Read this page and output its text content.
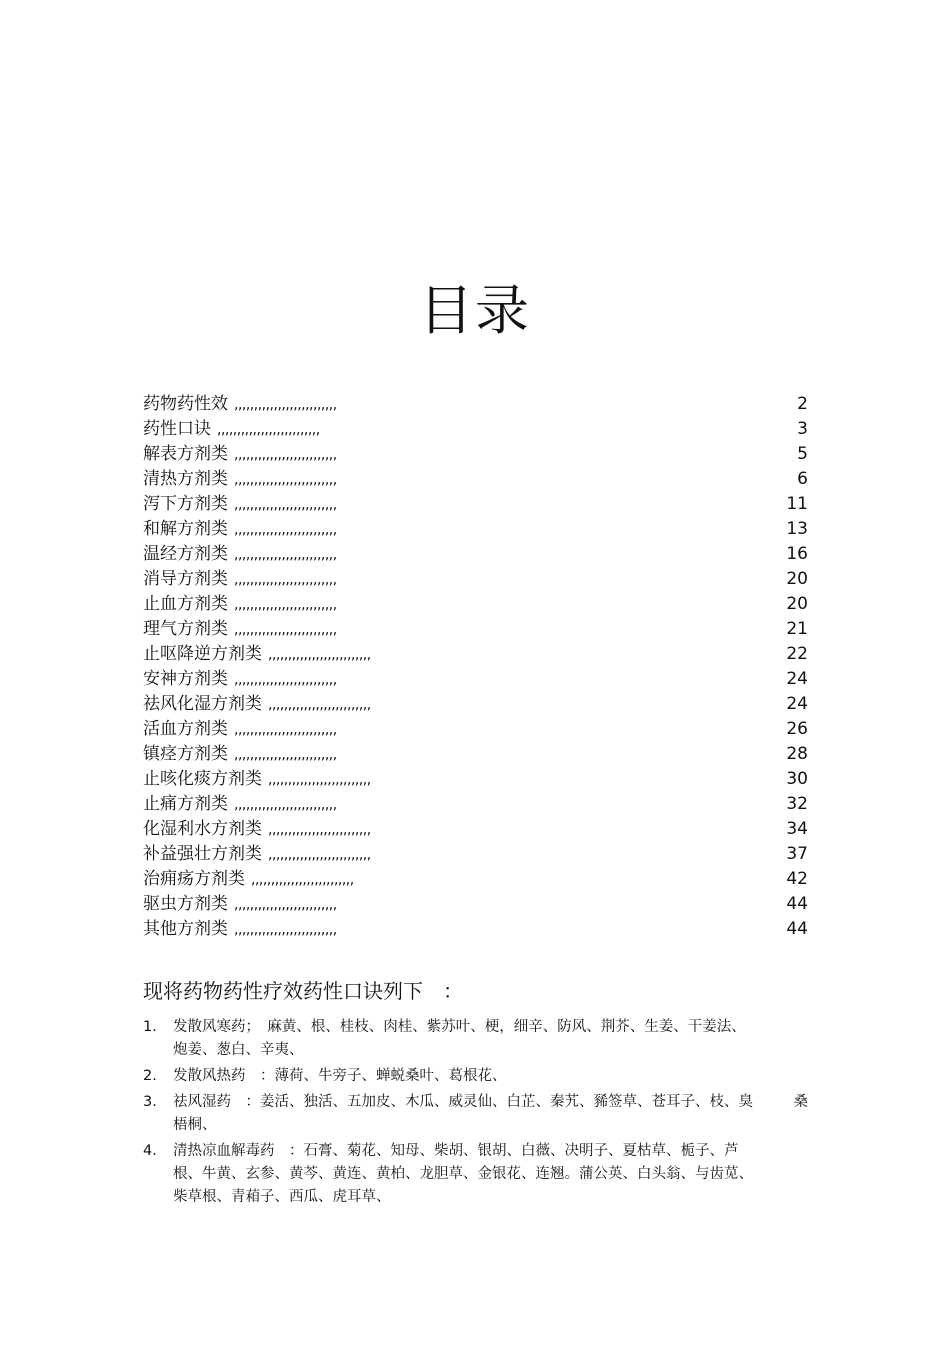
目录
药物药性效 ,,,,,,,,,,,,,,,,,,,,,,,,,,	2
药性口诀 ,,,,,,,,,,,,,,,,,,,,,,,,,,	3
解表方剂类 ,,,,,,,,,,,,,,,,,,,,,,,,,,	5
清热方剂类 ,,,,,,,,,,,,,,,,,,,,,,,,,,	6
泻下方剂类 ,,,,,,,,,,,,,,,,,,,,,,,,,,	11
和解方剂类 ,,,,,,,,,,,,,,,,,,,,,,,,,,	13
温经方剂类 ,,,,,,,,,,,,,,,,,,,,,,,,,,	16
消导方剂类 ,,,,,,,,,,,,,,,,,,,,,,,,,,	20
止血方剂类 ,,,,,,,,,,,,,,,,,,,,,,,,,,	20
理气方剂类 ,,,,,,,,,,,,,,,,,,,,,,,,,,	21
止呕降逆方剂类 ,,,,,,,,,,,,,,,,,,,,,,,,,,	22
安神方剂类 ,,,,,,,,,,,,,,,,,,,,,,,,,,	24
祛风化湿方剂类 ,,,,,,,,,,,,,,,,,,,,,,,,,,	24
活血方剂类 ,,,,,,,,,,,,,,,,,,,,,,,,,,	26
镇痉方剂类 ,,,,,,,,,,,,,,,,,,,,,,,,,,	28
止咳化痰方剂类 ,,,,,,,,,,,,,,,,,,,,,,,,,,	30
止痛方剂类 ,,,,,,,,,,,,,,,,,,,,,,,,,,	32
化湿利水方剂类 ,,,,,,,,,,,,,,,,,,,,,,,,,,	34
补益强壮方剂类 ,,,,,,,,,,,,,,,,,,,,,,,,,,	37
治痈疡方剂类 ,,,,,,,,,,,,,,,,,,,,,,,,,,	42
驱虫方剂类 ,,,,,,,,,,,,,,,,,,,,,,,,,,	44
其他方剂类 ,,,,,,,,,,,,,,,,,,,,,,,,,,	44
现将药物药性疗效药性口诀列下　：
1. 发散风寒药；　麻黄、根、桂枝、肉桂、紫苏叶、梗，细辛、防风、荆芥、生姜、干姜法、炮姜、葱白、辛夷、
2. 发散风热药　：薄荷、牛旁子、蝉蜕桑叶、葛根花、
3. 祛风湿药　：姜活、独活、五加皮、木瓜、威灵仙、白芷、秦艽、豨签草、苍耳子、枝、臭梧桐、
桑
4. 清热凉血解毒药　：石膏、菊花、知母、柴胡、银胡、白薇、决明子、夏枯草、栀子、芦根、牛黄、玄参、黄芩、黄连、黄柏、龙胆草、金银花、连翘。蒲公英、白头翁、与齿苋、柴草根、青葙子、西瓜、虎耳草、
